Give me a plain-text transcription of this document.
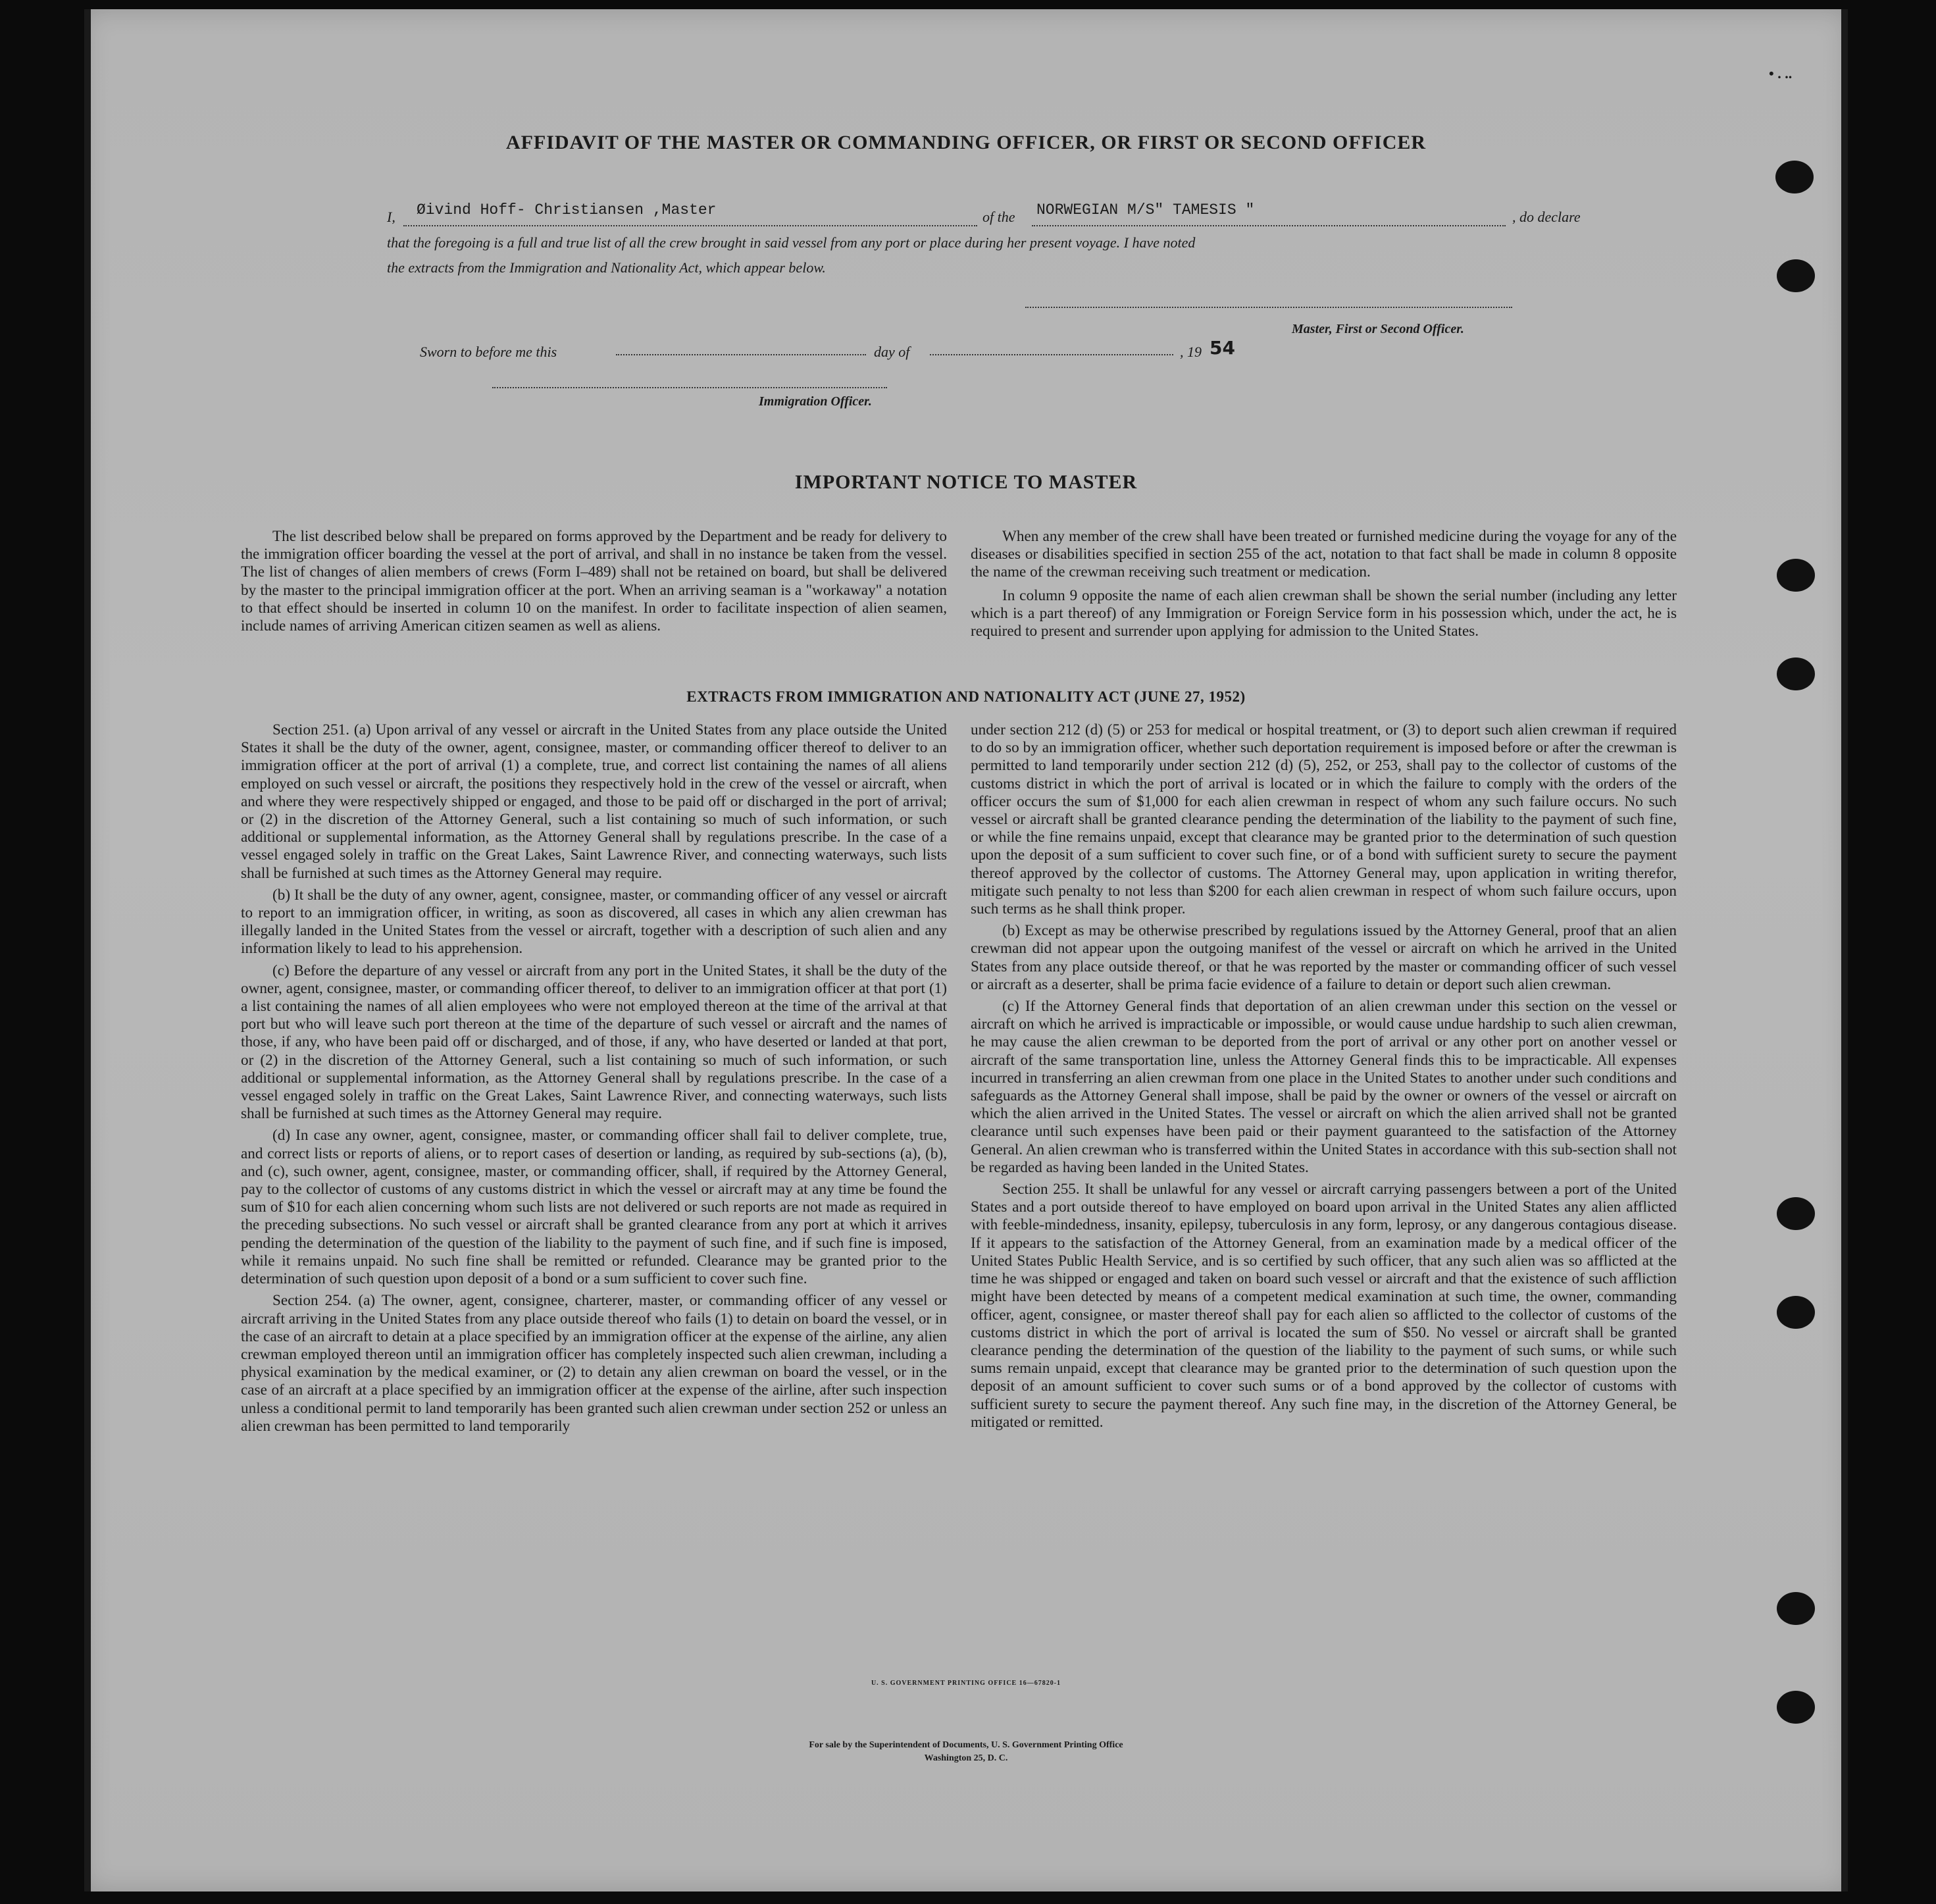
• . ..
AFFIDAVIT OF THE MASTER OR COMMANDING OFFICER, OR FIRST OR SECOND OFFICER
I, Øivind Hoff- Christiansen ,Master	of the NORWEGIAN M/S" TAMESIS "	, do declare
that the foregoing is a full and true list of all the crew brought in said vessel from any port or place during her present voyage. I have noted
the extracts from the Immigration and Nationality Act, which appear below.
Master, First or Second Officer.
Sworn to before me this	day of	, 19 54
Immigration Officer.
IMPORTANT NOTICE TO MASTER

The list described below shall be prepared on forms approved by the Department and be ready for delivery to the immigration officer boarding the vessel at the port of arrival, and shall in no instance be taken from the vessel. The list of changes of alien members of crews (Form I–489) shall not be retained on board, but shall be delivered by the master to the principal immigration officer at the port. When an arriving seaman is a "workaway" a notation to that effect should be inserted in column 10 on the manifest. In order to facilitate inspection of alien seamen, include names of arriving American citizen seamen as well as aliens.

When any member of the crew shall have been treated or furnished medicine during the voyage for any of the diseases or disabilities specified in section 255 of the act, notation to that fact shall be made in column 8 opposite the name of the crewman receiving such treatment or medication.

In column 9 opposite the name of each alien crewman shall be shown the serial number (including any letter which is a part thereof) of any Immigration or Foreign Service form in his possession which, under the act, he is required to present and surrender upon applying for admission to the United States.

EXTRACTS FROM IMMIGRATION AND NATIONALITY ACT (JUNE 27, 1952)

Section 251. (a) Upon arrival of any vessel or aircraft in the United States from any place outside the United States it shall be the duty of the owner, agent, consignee, master, or commanding officer thereof to deliver to an immigration officer at the port of arrival (1) a complete, true, and correct list containing the names of all aliens employed on such vessel or aircraft, the positions they respectively hold in the crew of the vessel or aircraft, when and where they were respectively shipped or engaged, and those to be paid off or discharged in the port of arrival; or (2) in the discretion of the Attorney General, such a list containing so much of such information, or such additional or supplemental information, as the Attorney General shall by regulations prescribe. In the case of a vessel engaged solely in traffic on the Great Lakes, Saint Lawrence River, and connecting waterways, such lists shall be furnished at such times as the Attorney General may require.

(b) It shall be the duty of any owner, agent, consignee, master, or commanding officer of any vessel or aircraft to report to an immigration officer, in writing, as soon as discovered, all cases in which any alien crewman has illegally landed in the United States from the vessel or aircraft, together with a description of such alien and any information likely to lead to his apprehension.

(c) Before the departure of any vessel or aircraft from any port in the United States, it shall be the duty of the owner, agent, consignee, master, or commanding officer thereof, to deliver to an immigration officer at that port (1) a list containing the names of all alien employees who were not employed thereon at the time of the arrival at that port but who will leave such port thereon at the time of the departure of such vessel or aircraft and the names of those, if any, who have been paid off or discharged, and of those, if any, who have deserted or landed at that port, or (2) in the discretion of the Attorney General, such a list containing so much of such information, or such additional or supplemental information, as the Attorney General shall by regulations prescribe. In the case of a vessel engaged solely in traffic on the Great Lakes, Saint Lawrence River, and connecting waterways, such lists shall be furnished at such times as the Attorney General may require.

(d) In case any owner, agent, consignee, master, or commanding officer shall fail to deliver complete, true, and correct lists or reports of aliens, or to report cases of desertion or landing, as required by sub-sections (a), (b), and (c), such owner, agent, consignee, master, or commanding officer, shall, if required by the Attorney General, pay to the collector of customs of any customs district in which the vessel or aircraft may at any time be found the sum of $10 for each alien concerning whom such lists are not delivered or such reports are not made as required in the preceding subsections. No such vessel or aircraft shall be granted clearance from any port at which it arrives pending the determination of the question of the liability to the payment of such fine, and if such fine is imposed, while it remains unpaid. No such fine shall be remitted or refunded. Clearance may be granted prior to the determination of such question upon deposit of a bond or a sum sufficient to cover such fine.

Section 254. (a) The owner, agent, consignee, charterer, master, or commanding officer of any vessel or aircraft arriving in the United States from any place outside thereof who fails (1) to detain on board the vessel, or in the case of an aircraft to detain at a place specified by an immigration officer at the expense of the airline, any alien crewman employed thereon until an immigration officer has completely inspected such alien crewman, including a physical examination by the medical examiner, or (2) to detain any alien crewman on board the vessel, or in the case of an aircraft at a place specified by an immigration officer at the expense of the airline, after such inspection unless a conditional permit to land temporarily has been granted such alien crewman under section 252 or unless an alien crewman has been permitted to land temporarily

under section 212 (d) (5) or 253 for medical or hospital treatment, or (3) to deport such alien crewman if required to do so by an immigration officer, whether such deportation requirement is imposed before or after the crewman is permitted to land temporarily under section 212 (d) (5), 252, or 253, shall pay to the collector of customs of the customs district in which the port of arrival is located or in which the failure to comply with the orders of the officer occurs the sum of $1,000 for each alien crewman in respect of whom any such failure occurs. No such vessel or aircraft shall be granted clearance pending the determination of the liability to the payment of such fine, or while the fine remains unpaid, except that clearance may be granted prior to the determination of such question upon the deposit of a sum sufficient to cover such fine, or of a bond with sufficient surety to secure the payment thereof approved by the collector of customs. The Attorney General may, upon application in writing therefor, mitigate such penalty to not less than $200 for each alien crewman in respect of whom such failure occurs, upon such terms as he shall think proper.

(b) Except as may be otherwise prescribed by regulations issued by the Attorney General, proof that an alien crewman did not appear upon the outgoing manifest of the vessel or aircraft on which he arrived in the United States from any place outside thereof, or that he was reported by the master or commanding officer of such vessel or aircraft as a deserter, shall be prima facie evidence of a failure to detain or deport such alien crewman.

(c) If the Attorney General finds that deportation of an alien crewman under this section on the vessel or aircraft on which he arrived is impracticable or impossible, or would cause undue hardship to such alien crewman, he may cause the alien crewman to be deported from the port of arrival or any other port on another vessel or aircraft of the same transportation line, unless the Attorney General finds this to be impracticable. All expenses incurred in transferring an alien crewman from one place in the United States to another under such conditions and safeguards as the Attorney General shall impose, shall be paid by the owner or owners of the vessel or aircraft on which the alien arrived in the United States. The vessel or aircraft on which the alien arrived shall not be granted clearance until such expenses have been paid or their payment guaranteed to the satisfaction of the Attorney General. An alien crewman who is transferred within the United States in accordance with this sub-section shall not be regarded as having been landed in the United States.

Section 255. It shall be unlawful for any vessel or aircraft carrying passengers between a port of the United States and a port outside thereof to have employed on board upon arrival in the United States any alien afflicted with feeble-mindedness, insanity, epilepsy, tuberculosis in any form, leprosy, or any dangerous contagious disease. If it appears to the satisfaction of the Attorney General, from an examination made by a medical officer of the United States Public Health Service, and is so certified by such officer, that any such alien was so afflicted at the time he was shipped or engaged and taken on board such vessel or aircraft and that the existence of such affliction might have been detected by means of a competent medical examination at such time, the owner, commanding officer, agent, consignee, or master thereof shall pay for each alien so afflicted to the collector of customs of the customs district in which the port of arrival is located the sum of $50. No vessel or aircraft shall be granted clearance pending the determination of the question of the liability to the payment of such sums, or while such sums remain unpaid, except that clearance may be granted prior to the determination of such question upon the deposit of an amount sufficient to cover such sums or of a bond approved by the collector of customs with sufficient surety to secure the payment thereof. Any such fine may, in the discretion of the Attorney General, be mitigated or remitted.

U. S. GOVERNMENT PRINTING OFFICE 16—67820-1
For sale by the Superintendent of Documents, U. S. Government Printing Office
Washington 25, D. C.
